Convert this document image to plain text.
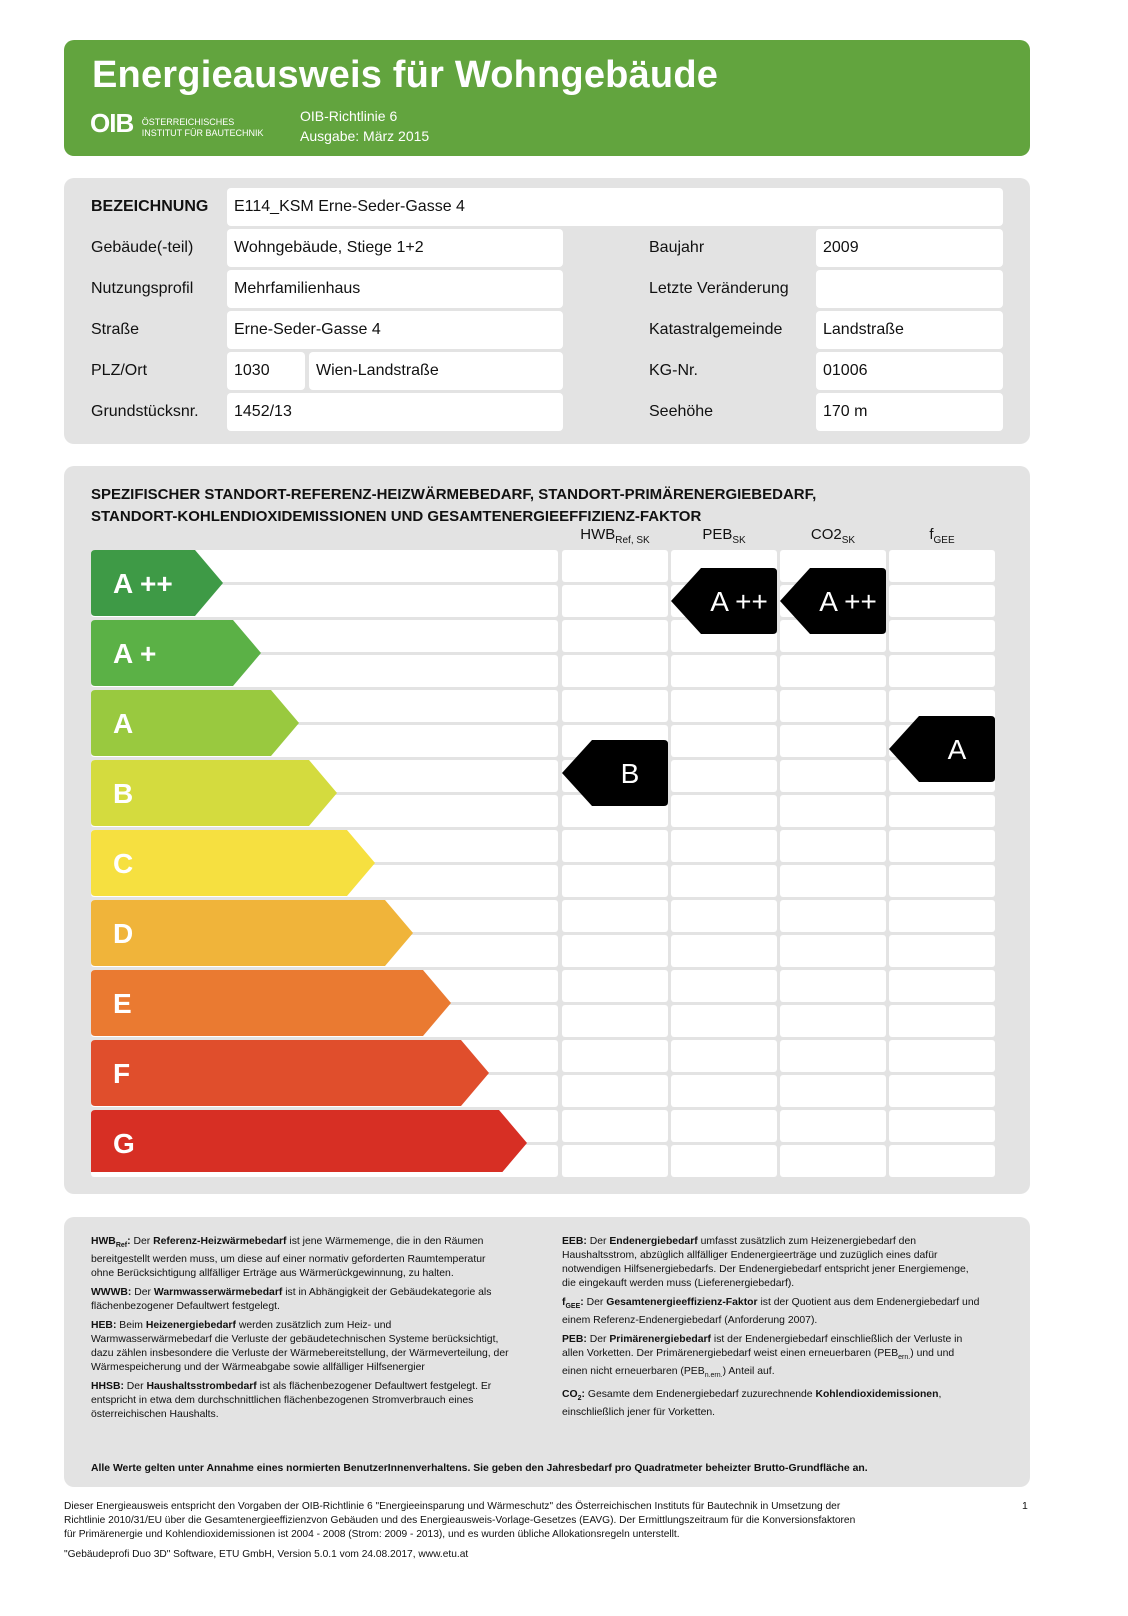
Energieausweis für Wohngebäude
OIB ÖSTERREICHISCHES
INSTITUT FÜR BAUTECHNIK
OIB-Richtlinie 6
Ausgabe: März 2015
BEZEICHNUNG	E114_KSM Erne-Seder-Gasse 4
Gebäude(-teil)	Wohngebäude, Stiege 1+2	Baujahr	2009
Nutzungsprofil	Mehrfamilienhaus	Letzte Veränderung
Straße	Erne-Seder-Gasse 4	Katastralgemeinde	Landstraße
PLZ/Ort	1030	Wien-Landstraße	KG-Nr.	01006
Grundstücksnr.	1452/13	Seehöhe	170 m
SPEZIFISCHER STANDORT-REFERENZ-HEIZWÄRMEBEDARF, STANDORT-PRIMÄRENERGIEBEDARF,
STANDORT-KOHLENDIOXIDEMISSIONEN UND GESAMTENERGIEEFFIZIENZ-FAKTOR
$HWB_{Ref, SK}$	$PEB_{SK}$	$CO2_{SK}$	$f_{GEE}$
A ++
A +
A
B
C
D
E
F
G
B
A ++ A ++
A

$HWB_{Ref}$: Der Referenz-Heizwärmebedarf ist jene Wärmemenge, die in den Räumen bereitgestellt werden muss, um diese auf einer normativ geforderten Raumtemperatur ohne Berücksichtigung allfälliger Erträge aus Wärmerückgewinnung, zu halten.

WWWB: Der Warmwasserwärmebedarf ist in Abhängigkeit der Gebäudekategorie als flächenbezogener Defaultwert festgelegt.

HEB: Beim Heizenergiebedarf werden zusätzlich zum Heiz- und Warmwasserwärmebedarf die Verluste der gebäudetechnischen Systeme berücksichtigt, dazu zählen insbesondere die Verluste der Wärmebereitstellung, der Wärmeverteilung, der Wärmespeicherung und der Wärmeabgabe sowie allfälliger Hilfsenergier

HHSB: Der Haushaltsstrombedarf ist als flächenbezogener Defaultwert festgelegt. Er entspricht in etwa dem durchschnittlichen flächenbezogenen Stromverbrauch eines österreichischen Haushalts.

EEB: Der Endenergiebedarf umfasst zusätzlich zum Heizenergiebedarf den Haushaltsstrom, abzüglich allfälliger Endenergieerträge und zuzüglich eines dafür notwendigen Hilfsenergiebedarfs. Der Endenergiebedarf entspricht jener Energiemenge, die eingekauft werden muss (Lieferenergiebedarf).

$f_{GEE}$: Der Gesamtenergieeffizienz-Faktor ist der Quotient aus dem Endenergiebedarf und einem Referenz-Endenergiebedarf (Anforderung 2007).

PEB: Der Primärenergiebedarf ist der Endenergiebedarf einschließlich der Verluste in allen Vorketten. Der Primärenergiebedarf weist einen erneuerbaren $(PEB_{ern.})$ und und einen nicht erneuerbaren $(PEB_{n.ern.})$ Anteil auf.

$CO_2$: Gesamte dem Endenergiebedarf zuzurechnende Kohlendioxidemissionen, einschließlich jener für Vorketten.

Alle Werte gelten unter Annahme eines normierten BenutzerInnenverhaltens. Sie geben den Jahresbedarf pro Quadratmeter beheizter Brutto-Grundfläche an.
Dieser Energieausweis entspricht den Vorgaben der OIB-Richtlinie 6 "Energieeinsparung und Wärmeschutz" des Österreichischen Instituts für Bautechnik in Umsetzung der
Richtlinie 2010/31/EU über die Gesamtenergieeffizienzvon Gebäuden und des Energieausweis-Vorlage-Gesetzes (EAVG). Der Ermittlungszeitraum für die Konversionsfaktoren
für Primärenergie und Kohlendioxidemissionen ist 2004 - 2008 (Strom: 2009 - 2013), und es wurden übliche Allokationsregeln unterstellt.
"Gebäudeprofi Duo 3D" Software, ETU GmbH, Version 5.0.1 vom 24.08.2017, www.etu.at
1
